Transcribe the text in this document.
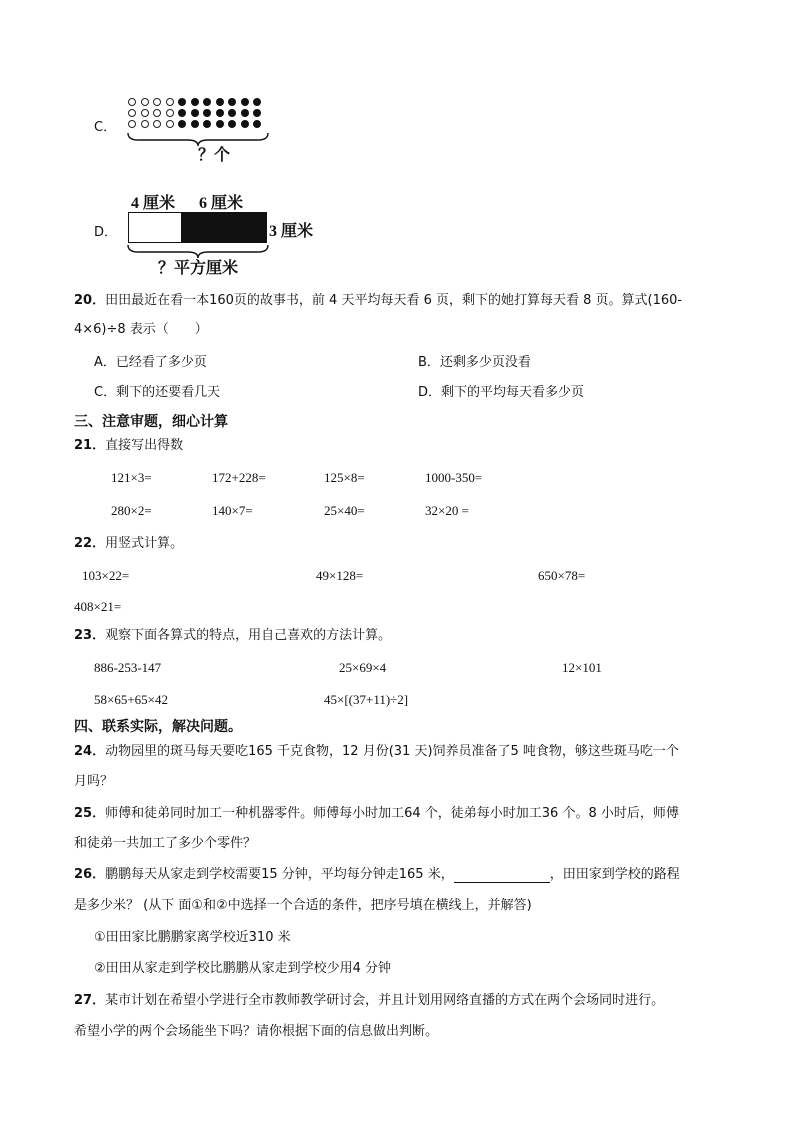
C．
？个
D．
4 厘米 6 厘米
3 厘米
？平方厘米
20．田田最近在看一本160页的故事书，前 4 天平均每天看 6 页，剩下的她打算每天看 8 页。算式(160-
4×6)÷8 表示（　　）
A．已经看了多少页	B．还剩多少页没看
C．剩下的还要看几天	D．剩下的平均每天看多少页
三、注意审题，细心计算
21．直接写出得数
121×3=	172+228=	125×8=	1000-350=
280×2=	140×7=	25×40=	32×20 =
22．用竖式计算。
103×22=	49×128=	650×78=
408×21=
23．观察下面各算式的特点，用自己喜欢的方法计算。
886-253-147	25×69×4	12×101
58×65+65×42	45×[(37+11)÷2]
四、联系实际，解决问题。
24．动物园里的斑马每天要吃165 千克食物，12 月份(31 天)饲养员准备了5 吨食物，够这些斑马吃一个
月吗？
25．师傅和徒弟同时加工一种机器零件。师傅每小时加工64 个，徒弟每小时加工36 个。8 小时后，师傅
和徒弟一共加工了多少个零件？
26．鹏鹏每天从家走到学校需要15 分钟，平均每分钟走165 米，	，田田家到学校的路程
是多少米？ (从下 面①和②中选择一个合适的条件，把序号填在横线上，并解答)
①田田家比鹏鹏家离学校近310 米
②田田从家走到学校比鹏鹏从家走到学校少用4 分钟
27．某市计划在希望小学进行全市教师教学研讨会，并且计划用网络直播的方式在两个会场同时进行。
希望小学的两个会场能坐下吗？请你根据下面的信息做出判断。
